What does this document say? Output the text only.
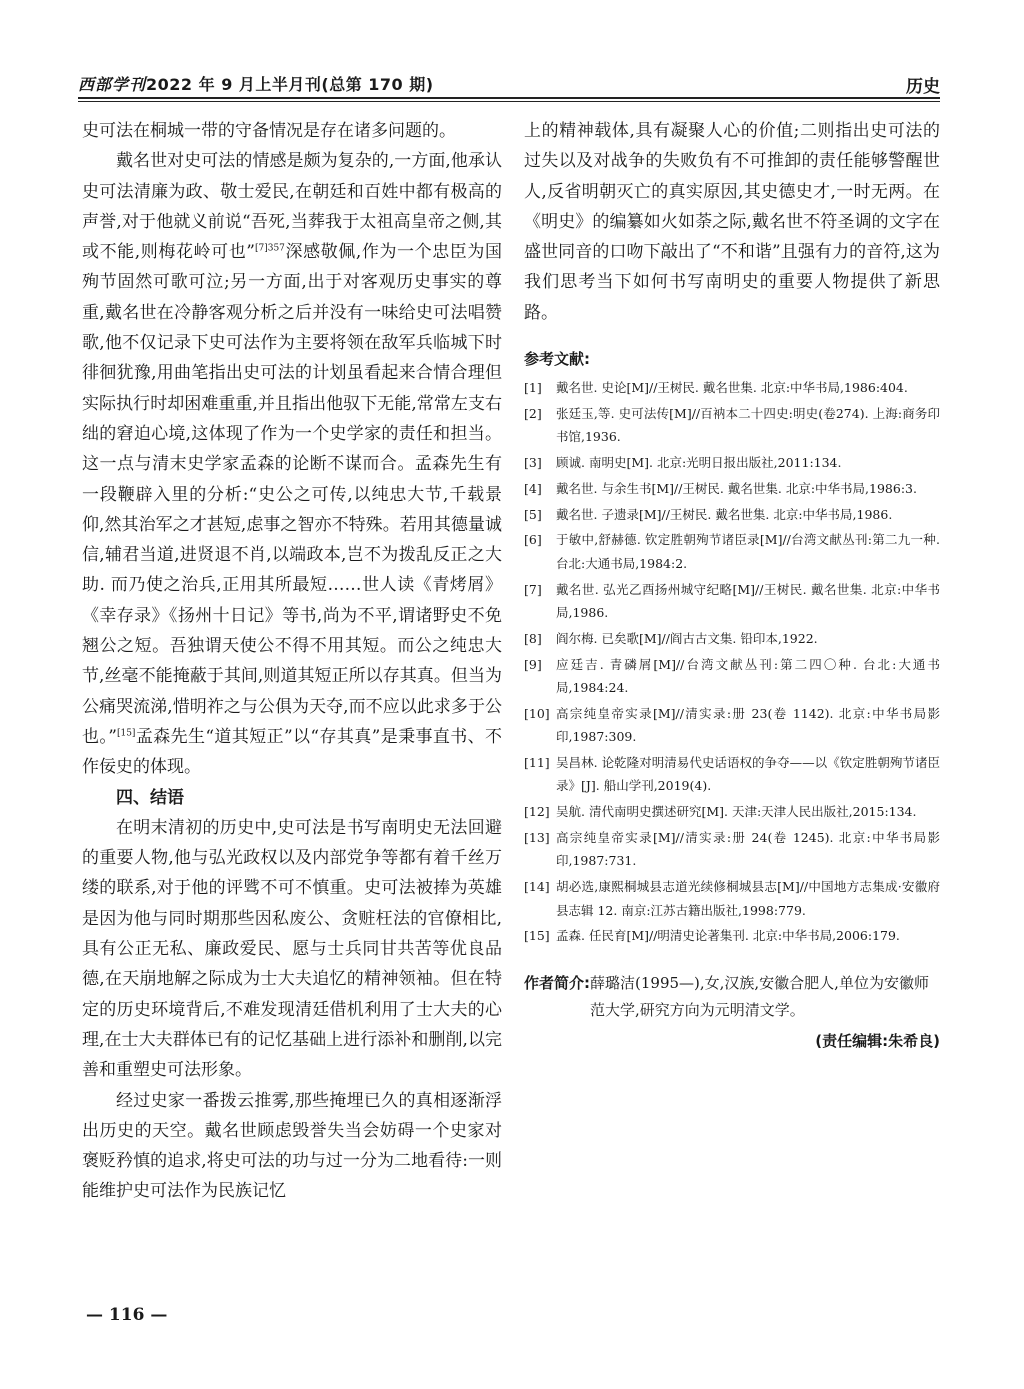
西部学刊2022 年 9 月上半月刊(总第 170 期)	历史

史可法在桐城一带的守备情况是存在诸多问题的。

戴名世对史可法的情感是颇为复杂的,一方面,他承认史可法清廉为政、敬士爱民,在朝廷和百姓中都有极高的声誉,对于他就义前说“吾死,当葬我于太祖高皇帝之侧,其或不能,则梅花岭可也”$^{[7]357}$深感敬佩,作为一个忠臣为国殉节固然可歌可泣;另一方面,出于对客观历史事实的尊重,戴名世在冷静客观分析之后并没有一味给史可法唱赞歌,他不仅记录下史可法作为主要将领在敌军兵临城下时徘徊犹豫,用曲笔指出史可法的计划虽看起来合情合理但实际执行时却困难重重,并且指出他驭下无能,常常左支右绌的窘迫心境,这体现了作为一个史学家的责任和担当。这一点与清末史学家孟森的论断不谋而合。孟森先生有一段鞭辟入里的分析:“史公之可传,以纯忠大节,千载景仰,然其治军之才甚短,虑事之智亦不特殊。若用其德量诚信,辅君当道,进贤退不肖,以端政本,岂不为拨乱反正之大助. 而乃使之治兵,正用其所最短……世人读《青烤屑》《幸存录》《扬州十日记》等书,尚为不平,谓诸野史不免翘公之短。吾独谓天使公不得不用其短。而公之纯忠大节,丝毫不能掩蔽于其间,则道其短正所以存其真。但当为公痛哭流涕,惜明祚之与公俱为天夺,而不应以此求多于公也。”[15]孟森先生“道其短正”以“存其真”是秉事直书、不作佞史的体现。

四、结语

在明末清初的历史中,史可法是书写南明史无法回避的重要人物,他与弘光政权以及内部党争等都有着千丝万缕的联系,对于他的评骘不可不慎重。史可法被捧为英雄是因为他与同时期那些因私废公、贪赃枉法的官僚相比,具有公正无私、廉政爱民、愿与士兵同甘共苦等优良品德,在天崩地解之际成为士大夫追忆的精神领袖。但在特定的历史环境背后,不难发现清廷借机利用了士大夫的心理,在士大夫群体已有的记忆基础上进行添补和删削,以完善和重塑史可法形象。

经过史家一番拨云推雾,那些掩埋已久的真相逐渐浮出历史的天空。戴名世顾虑毁誉失当会妨碍一个史家对褒贬矜慎的追求,将史可法的功与过一分为二地看待:一则能维护史可法作为民族记忆

上的精神载体,具有凝聚人心的价值;二则指出史可法的过失以及对战争的失败负有不可推卸的责任能够警醒世人,反省明朝灭亡的真实原因,其史德史才,一时无两。在《明史》的编纂如火如荼之际,戴名世不符圣调的文字在盛世同音的口吻下敲出了“不和谐”且强有力的音符,这为我们思考当下如何书写南明史的重要人物提供了新思路。

参考文献:
[1]	戴名世. 史论[M]//王树民. 戴名世集. 北京:中华书局,1986:404.
[2]	张廷玉,等. 史可法传[M]//百衲本二十四史:明史(卷274). 上海:商务印书馆,1936.
[3]	顾诚. 南明史[M]. 北京:光明日报出版社,2011:134.
[4]	戴名世. 与余生书[M]//王树民. 戴名世集. 北京:中华书局,1986:3.
[5]	戴名世. 子遗录[M]//王树民. 戴名世集. 北京:中华书局,1986.
[6]	于敏中,舒赫德. 钦定胜朝殉节诸臣录[M]//台湾文献丛刊:第二九一种. 台北:大通书局,1984:2.
[7]	戴名世. 弘光乙酉扬州城守纪略[M]//王树民. 戴名世集. 北京:中华书局,1986.
[8]	阎尔梅. 已矣歌[M]//阎古古文集. 铅印本,1922.
[9]	应廷吉. 青磷屑[M]//台湾文献丛刊:第二四〇种. 台北:大通书局,1984:24.
[10] 高宗纯皇帝实录[M]//清实录:册 23(卷 1142). 北京:中华书局影印,1987:309.
[11] 吴昌林. 论乾隆对明清易代史话语权的争夺——以《钦定胜朝殉节诸臣录》[J]. 船山学刊,2019(4).
[12] 吴航. 清代南明史撰述研究[M]. 天津:天津人民出版社,2015:134.
[13] 高宗纯皇帝实录[M]//清实录:册 24(卷 1245). 北京:中华书局影印,1987:731.
[14] 胡必选,康熙桐城县志道光续修桐城县志[M]//中国地方志集成·安徽府县志辑 12. 南京:江苏古籍出版社,1998:779.
[15] 孟森. 任民育[M]//明清史论著集刊. 北京:中华书局,2006:179.
作者简介: 薛璐洁(1995—),女,汉族,安徽合肥人,单位为安徽师范大学,研究方向为元明清文学。
(责任编辑:朱希良)
— 116 —
